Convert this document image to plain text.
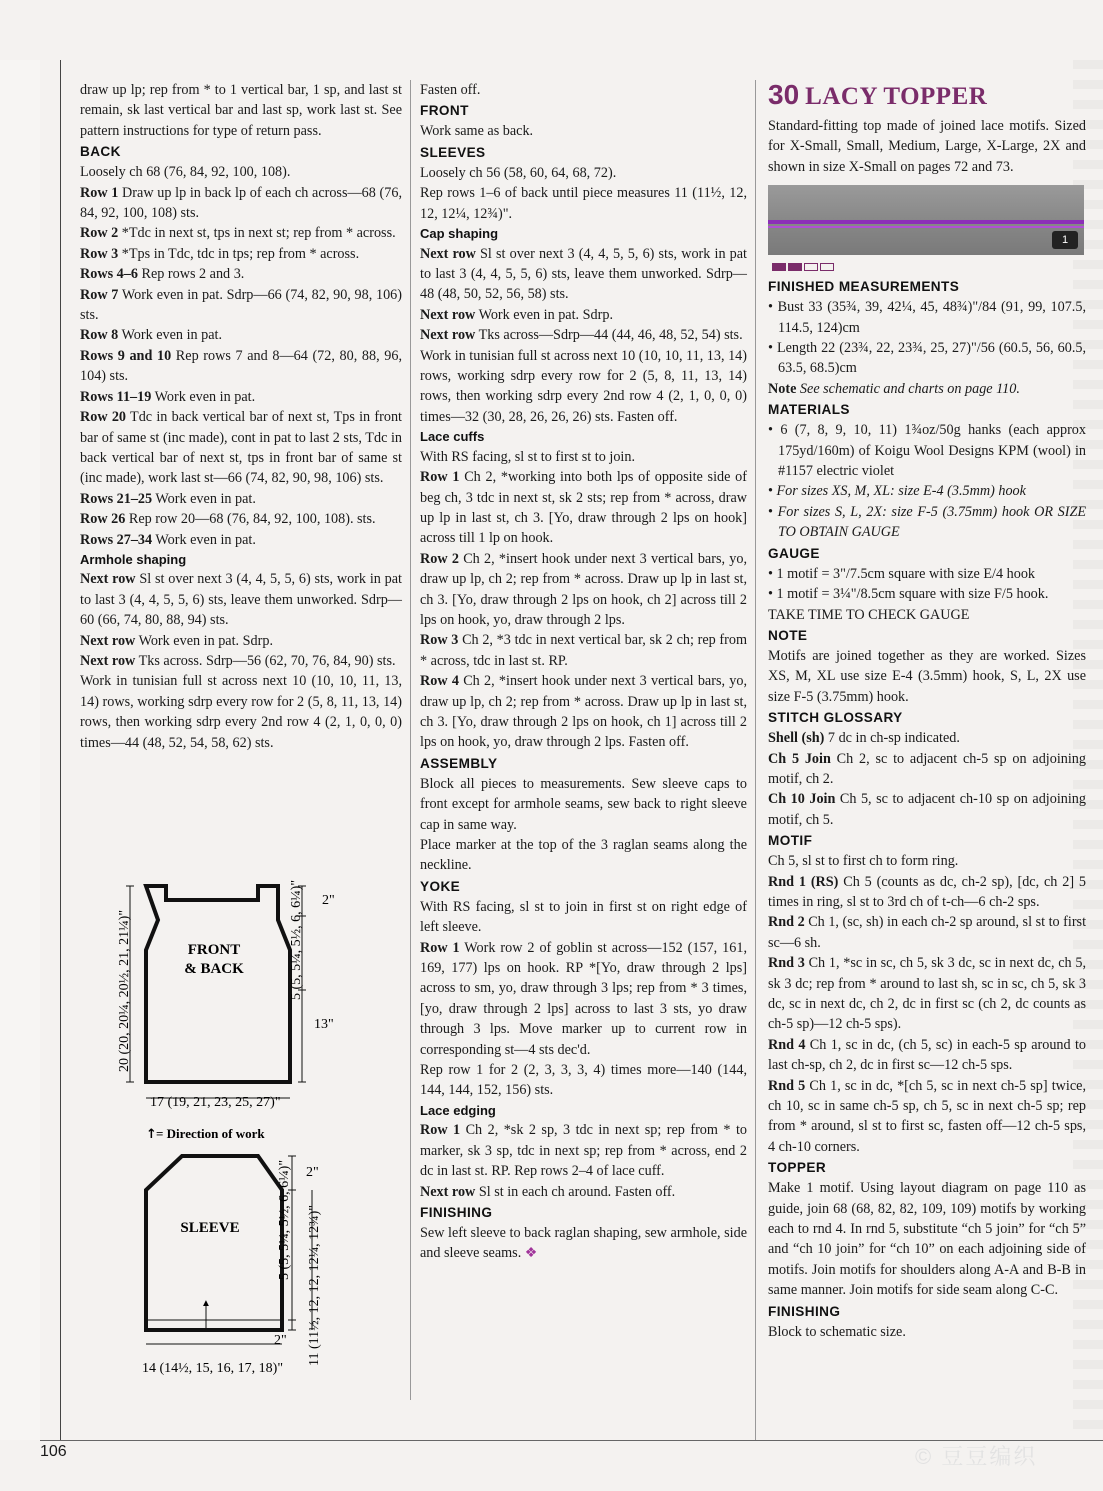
draw up lp; rep from * to 1 vertical bar, 1 sp, and last st remain, sk last vertical bar and last sp, work last st. See pattern instructions for type of return pass.

BACK

Loosely ch 68 (76, 84, 92, 100, 108).

Row 1 Draw up lp in back lp of each ch across—68 (76, 84, 92, 100, 108) sts.

Row 2 *Tdc in next st, tps in next st; rep from * across.

Row 3 *Tps in Tdc, tdc in tps; rep from * across.

Rows 4–6 Rep rows 2 and 3.

Row 7 Work even in pat. Sdrp—66 (74, 82, 90, 98, 106) sts.

Row 8 Work even in pat.

Rows 9 and 10 Rep rows 7 and 8—64 (72, 80, 88, 96, 104) sts.

Rows 11–19 Work even in pat.

Row 20 Tdc in back vertical bar of next st, Tps in front bar of same st (inc made), cont in pat to last 2 sts, Tdc in back vertical bar of next st, tps in front bar of same st (inc made), work last st—66 (74, 82, 90, 98, 106) sts.

Rows 21–25 Work even in pat.

Row 26 Rep row 20—68 (76, 84, 92, 100, 108). sts.

Rows 27–34 Work even in pat.

Armhole shaping

Next row Sl st over next 3 (4, 4, 5, 5, 6) sts, work in pat to last 3 (4, 4, 5, 5, 6) sts, leave them unworked. Sdrp—60 (66, 74, 80, 88, 94) sts.

Next row Work even in pat. Sdrp.

Next row Tks across. Sdrp—56 (62, 70, 76, 84, 90) sts.

Work in tunisian full st across next 10 (10, 10, 11, 13, 14) rows, working sdrp every row for 2 (5, 8, 11, 13, 14) rows, then working sdrp every 2nd row 4 (2, 1, 0, 0, 0) times—44 (48, 52, 54, 58, 62) sts.

FRONT
& BACK
20 (20, 20¼, 20½, 21, 21¼)"
2"
5 (5, 5¼, 5½, 6, 6¼)"
13"
17 (19, 21, 23, 25, 27)"
↑ = Direction of work
SLEEVE
▲
2"
5 (5, 5¼, 5½, 6, 6¼)" 11 (11½, 12, 12, 12¼, 12¾)"
2"
14 (14½, 15, 16, 17, 18)"

Fasten off.

FRONT

Work same as back.

SLEEVES

Loosely ch 56 (58, 60, 64, 68, 72).

Rep rows 1–6 of back until piece measures 11 (11½, 12, 12, 12¼, 12¾)".

Cap shaping

Next row Sl st over next 3 (4, 4, 5, 5, 6) sts, work in pat to last 3 (4, 4, 5, 5, 6) sts, leave them unworked. Sdrp—48 (48, 50, 52, 56, 58) sts.

Next row Work even in pat. Sdrp.

Next row Tks across—Sdrp—44 (44, 46, 48, 52, 54) sts.

Work in tunisian full st across next 10 (10, 10, 11, 13, 14) rows, working sdrp every row for 2 (5, 8, 11, 13, 14) rows, then working sdrp every 2nd row 4 (2, 1, 0, 0, 0) times—32 (30, 28, 26, 26, 26) sts. Fasten off.

Lace cuffs

With RS facing, sl st to first st to join.

Row 1 Ch 2, *working into both lps of opposite side of beg ch, 3 tdc in next st, sk 2 sts; rep from * across, draw up lp in last st, ch 3. [Yo, draw through 2 lps on hook] across till 1 lp on hook.

Row 2 Ch 2, *insert hook under next 3 vertical bars, yo, draw up lp, ch 2; rep from * across. Draw up lp in last st, ch 3. [Yo, draw through 2 lps on hook, ch 2] across till 2 lps on hook, yo, draw through 2 lps.

Row 3 Ch 2, *3 tdc in next vertical bar, sk 2 ch; rep from * across, tdc in last st. RP.

Row 4 Ch 2, *insert hook under next 3 vertical bars, yo, draw up lp, ch 2; rep from * across. Draw up lp in last st, ch 3. [Yo, draw through 2 lps on hook, ch 1] across till 2 lps on hook, yo, draw through 2 lps. Fasten off.

ASSEMBLY

Block all pieces to measurements. Sew sleeve caps to front except for armhole seams, sew back to right sleeve cap in same way.

Place marker at the top of the 3 raglan seams along the neckline.

YOKE

With RS facing, sl st to join in first st on right edge of left sleeve.

Row 1 Work row 2 of goblin st across—152 (157, 161, 169, 177) lps on hook. RP *[Yo, draw through 2 lps] across to sm, yo, draw through 3 lps; rep from * 3 times, [yo, draw through 2 lps] across to last 3 sts, yo draw through 3 lps. Move marker up to current row in corresponding st—4 sts dec'd.

Rep row 1 for 2 (2, 3, 3, 3, 4) times more—140 (144, 144, 144, 152, 156) sts.

Lace edging

Row 1 Ch 2, *sk 2 sp, 3 tdc in next sp; rep from * to marker, sk 3 sp, tdc in next sp; rep from * across, end 2 dc in last st. RP. Rep rows 2–4 of lace cuff.

Next row Sl st in each ch around. Fasten off.

FINISHING

Sew left sleeve to back raglan shaping, sew armhole, side and sleeve seams. ❖

30 LACY TOPPER

Standard-fitting top made of joined lace motifs. Sized for X-Small, Small, Medium, Large, X-Large, 2X and shown in size X-Small on pages 72 and 73.

1
FINISHED MEASUREMENTS
• Bust 33 (35¾, 39, 42¼, 45, 48¾)"/84 (91, 99, 107.5, 114.5, 124)cm
• Length 22 (23¾, 22, 23¾, 25, 27)"/56 (60.5, 56, 60.5, 63.5, 68.5)cm

Note See schematic and charts on page 110.

MATERIALS
• 6 (7, 8, 9, 10, 11) 1¾oz/50g hanks (each approx 175yd/160m) of Koigu Wool Designs KPM (wool) in #1157 electric violet
• For sizes XS, M, XL: size E-4 (3.5mm) hook
• For sizes S, L, 2X: size F-5 (3.75mm) hook OR SIZE TO OBTAIN GAUGE
GAUGE
• 1 motif = 3"/7.5cm square with size E/4 hook
• 1 motif = 3¼"/8.5cm square with size F/5 hook.

TAKE TIME TO CHECK GAUGE

NOTE

Motifs are joined together as they are worked. Sizes XS, M, XL use size E-4 (3.5mm) hook, S, L, 2X use size F-5 (3.75mm) hook.

STITCH GLOSSARY

Shell (sh) 7 dc in ch-sp indicated.

Ch 5 Join Ch 2, sc to adjacent ch-5 sp on adjoining motif, ch 2.

Ch 10 Join Ch 5, sc to adjacent ch-10 sp on adjoining motif, ch 5.

MOTIF

Ch 5, sl st to first ch to form ring.

Rnd 1 (RS) Ch 5 (counts as dc, ch-2 sp), [dc, ch 2] 5 times in ring, sl st to 3rd ch of t-ch—6 ch-2 sps.

Rnd 2 Ch 1, (sc, sh) in each ch-2 sp around, sl st to first sc—6 sh.

Rnd 3 Ch 1, *sc in sc, ch 5, sk 3 dc, sc in next dc, ch 5, sk 3 dc; rep from * around to last sh, sc in sc, ch 5, sk 3 dc, sc in next dc, ch 2, dc in first sc (ch 2, dc counts as ch-5 sp)—12 ch-5 sps).

Rnd 4 Ch 1, sc in dc, (ch 5, sc) in each-5 sp around to last ch-sp, ch 2, dc in first sc—12 ch-5 sps.

Rnd 5 Ch 1, sc in dc, *[ch 5, sc in next ch-5 sp] twice, ch 10, sc in same ch-5 sp, ch 5, sc in next ch-5 sp; rep from * around, sl st to first sc, fasten off—12 ch-5 sps, 4 ch-10 corners.

TOPPER

Make 1 motif. Using layout diagram on page 110 as guide, join 68 (68, 82, 82, 109, 109) motifs by working each to rnd 4. In rnd 5, substitute “ch 5 join” for “ch 5” and “ch 10 join” for “ch 10” on each adjoining side of motifs. Join motifs for shoulders along A-A and B-B in same manner. Join motifs for side seam along C-C.

FINISHING

Block to schematic size.

106	© 豆豆编织
